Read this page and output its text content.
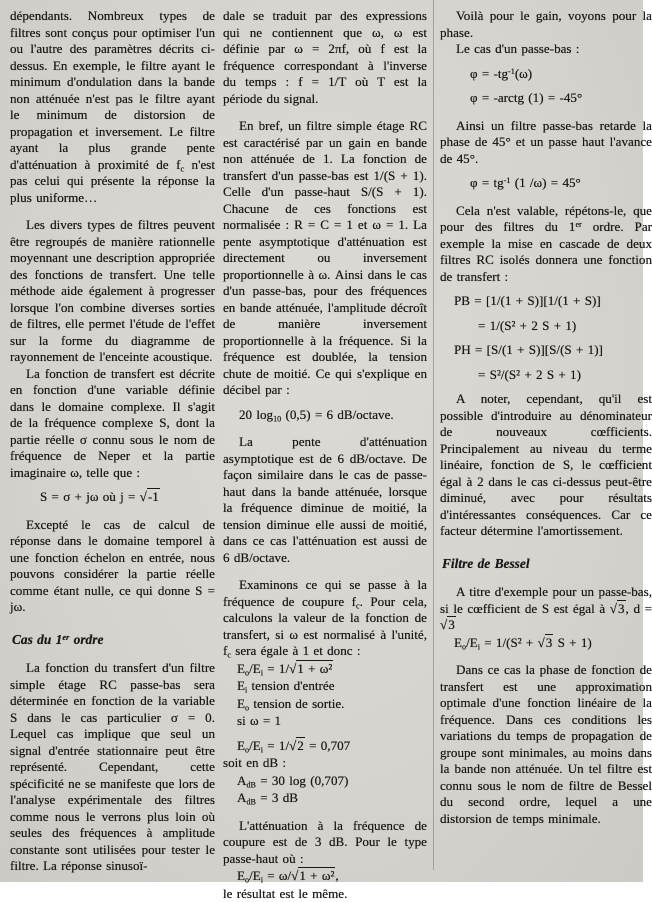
dépendants. Nombreux types de filtres sont conçus pour optimiser l'un ou l'autre des paramètres décrits ci-dessus. En exemple, le filtre ayant le minimum d'ondulation dans la bande non atténuée n'est pas le filtre ayant le minimum de distorsion de propagation et inversement. Le filtre ayant la plus grande pente d'atténuation à proximité de $f_c$ n'est pas celui qui présente la réponse la plus uniforme…
Les divers types de filtres peuvent être regroupés de manière rationnelle moyennant une description appropriée des fonctions de transfert. Une telle méthode aide également à progresser lorsque l'on combine diverses sorties de filtres, elle permet l'étude de l'effet sur la forme du diagramme de rayonnement de l'enceinte acoustique.
La fonction de transfert est décrite en fonction d'une variable définie dans le domaine complexe. Il s'agit de la fréquence complexe S, dont la partie réelle σ connu sous le nom de fréquence de Neper et la partie imaginaire ω, telle que :
S = σ + jω où j = √-1
Excepté le cas de calcul de réponse dans le domaine temporel à une fonction échelon en entrée, nous pouvons considérer la partie réelle comme étant nulle, ce qui donne S = jω.
Cas du 1er ordre
La fonction du transfert d'un filtre simple étage RC passe-bas sera déterminée en fonction de la variable S dans le cas particulier σ = 0. Lequel cas implique que seul un signal d'entrée stationnaire peut être représenté. Cependant, cette spécificité ne se manifeste que lors de l'analyse expérimentale des filtres comme nous le verrons plus loin où seules des fréquences à amplitude constante sont utilisées pour tester le filtre. La réponse sinusoï-
dale se traduit par des expressions qui ne contiennent que ω, ω est définie par ω = 2πf, où f est la fréquence correspondant à l'inverse du temps : f = 1/T où T est la période du signal.
En bref, un filtre simple étage RC est caractérisé par un gain en bande non atténuée de 1. La fonction de transfert d'un passe-bas est 1/(S + 1). Celle d'un passe-haut S/(S + 1). Chacune de ces fonctions est normalisée : R = C = 1 et ω = 1. La pente asymptotique d'atténuation est directement ou inversement proportionnelle à ω. Ainsi dans le cas d'un passe-bas, pour des fréquences en bande atténuée, l'amplitude décroît de manière inversement proportionnelle à la fréquence. Si la fréquence est doublée, la tension chute de moitié. Ce qui s'explique en décibel par :
20 $\log_{10} (0,5) = 6$ dB/octave.
La pente d'atténuation asymptotique est de 6 dB/octave. De façon similaire dans le cas de passe-haut dans la bande atténuée, lorsque la fréquence diminue de moitié, la tension diminue elle aussi de moitié, dans ce cas l'atténuation est aussi de 6 dB/octave.
Examinons ce qui se passe à la fréquence de coupure $f_c$. Pour cela, calculons la valeur de la fonction de transfert, si ω est normalisé à l'unité, $f_c$ sera égale à 1 et donc :
$E_o/E_i = 1/√1 + \omega^2$
$E_i$ tension d'entrée
$E_o$ tension de sortie.
si ω = 1
$E_o/E_i = 1/√2 = 0,707$
soit en dB :
$A_{dB} = 30$ log (0,707)
$A_{dB} = 3$ dB
L'atténuation à la fréquence de coupure est de 3 dB. Pour le type passe-haut où :
$E_o/E_i = \omega/√1 + \omega^2$,
le résultat est le même.
Voilà pour le gain, voyons pour la phase.
Le cas d'un passe-bas :
$\varphi = -tg^{-1}(\omega)$
φ = -arctg (1) = -45°
Ainsi un filtre passe-bas retarde la phase de 45° et un passe haut l'avance de 45°.
$\varphi = tg^{-1}$ (1 /ω) = 45°
Cela n'est valable, répétons-le, que pour des filtres du 1er ordre. Par exemple la mise en cascade de deux filtres RC isolés donnera une fonction de transfert :
PB = [1/(1 + S)][1/(1 + S)]
= 1/(S² + 2 S + 1)
PH = [S/(1 + S)][S/(S + 1)]
= S²/(S² + 2 S + 1)
A noter, cependant, qu'il est possible d'introduire au dénominateur de nouveaux cœfficients. Principalement au niveau du terme linéaire, fonction de S, le cœfficient égal à 2 dans le cas ci-dessus peut-être diminué, avec pour résultats d'intéressantes conséquences. Car ce facteur détermine l'amortissement.
Filtre de Bessel
A titre d'exemple pour un passe-bas, si le cœfficient de S est égal à √3, d = √3
$E_o/E_i = 1/(S^2 + √3$ S + 1)
Dans ce cas la phase de fonction de transfert est une approximation optimale d'une fonction linéaire de la fréquence. Dans ces conditions les variations du temps de propagation de groupe sont minimales, au moins dans la bande non atténuée. Un tel filtre est connu sous le nom de filtre de Bessel du second ordre, lequel a une distorsion de temps minimale.
